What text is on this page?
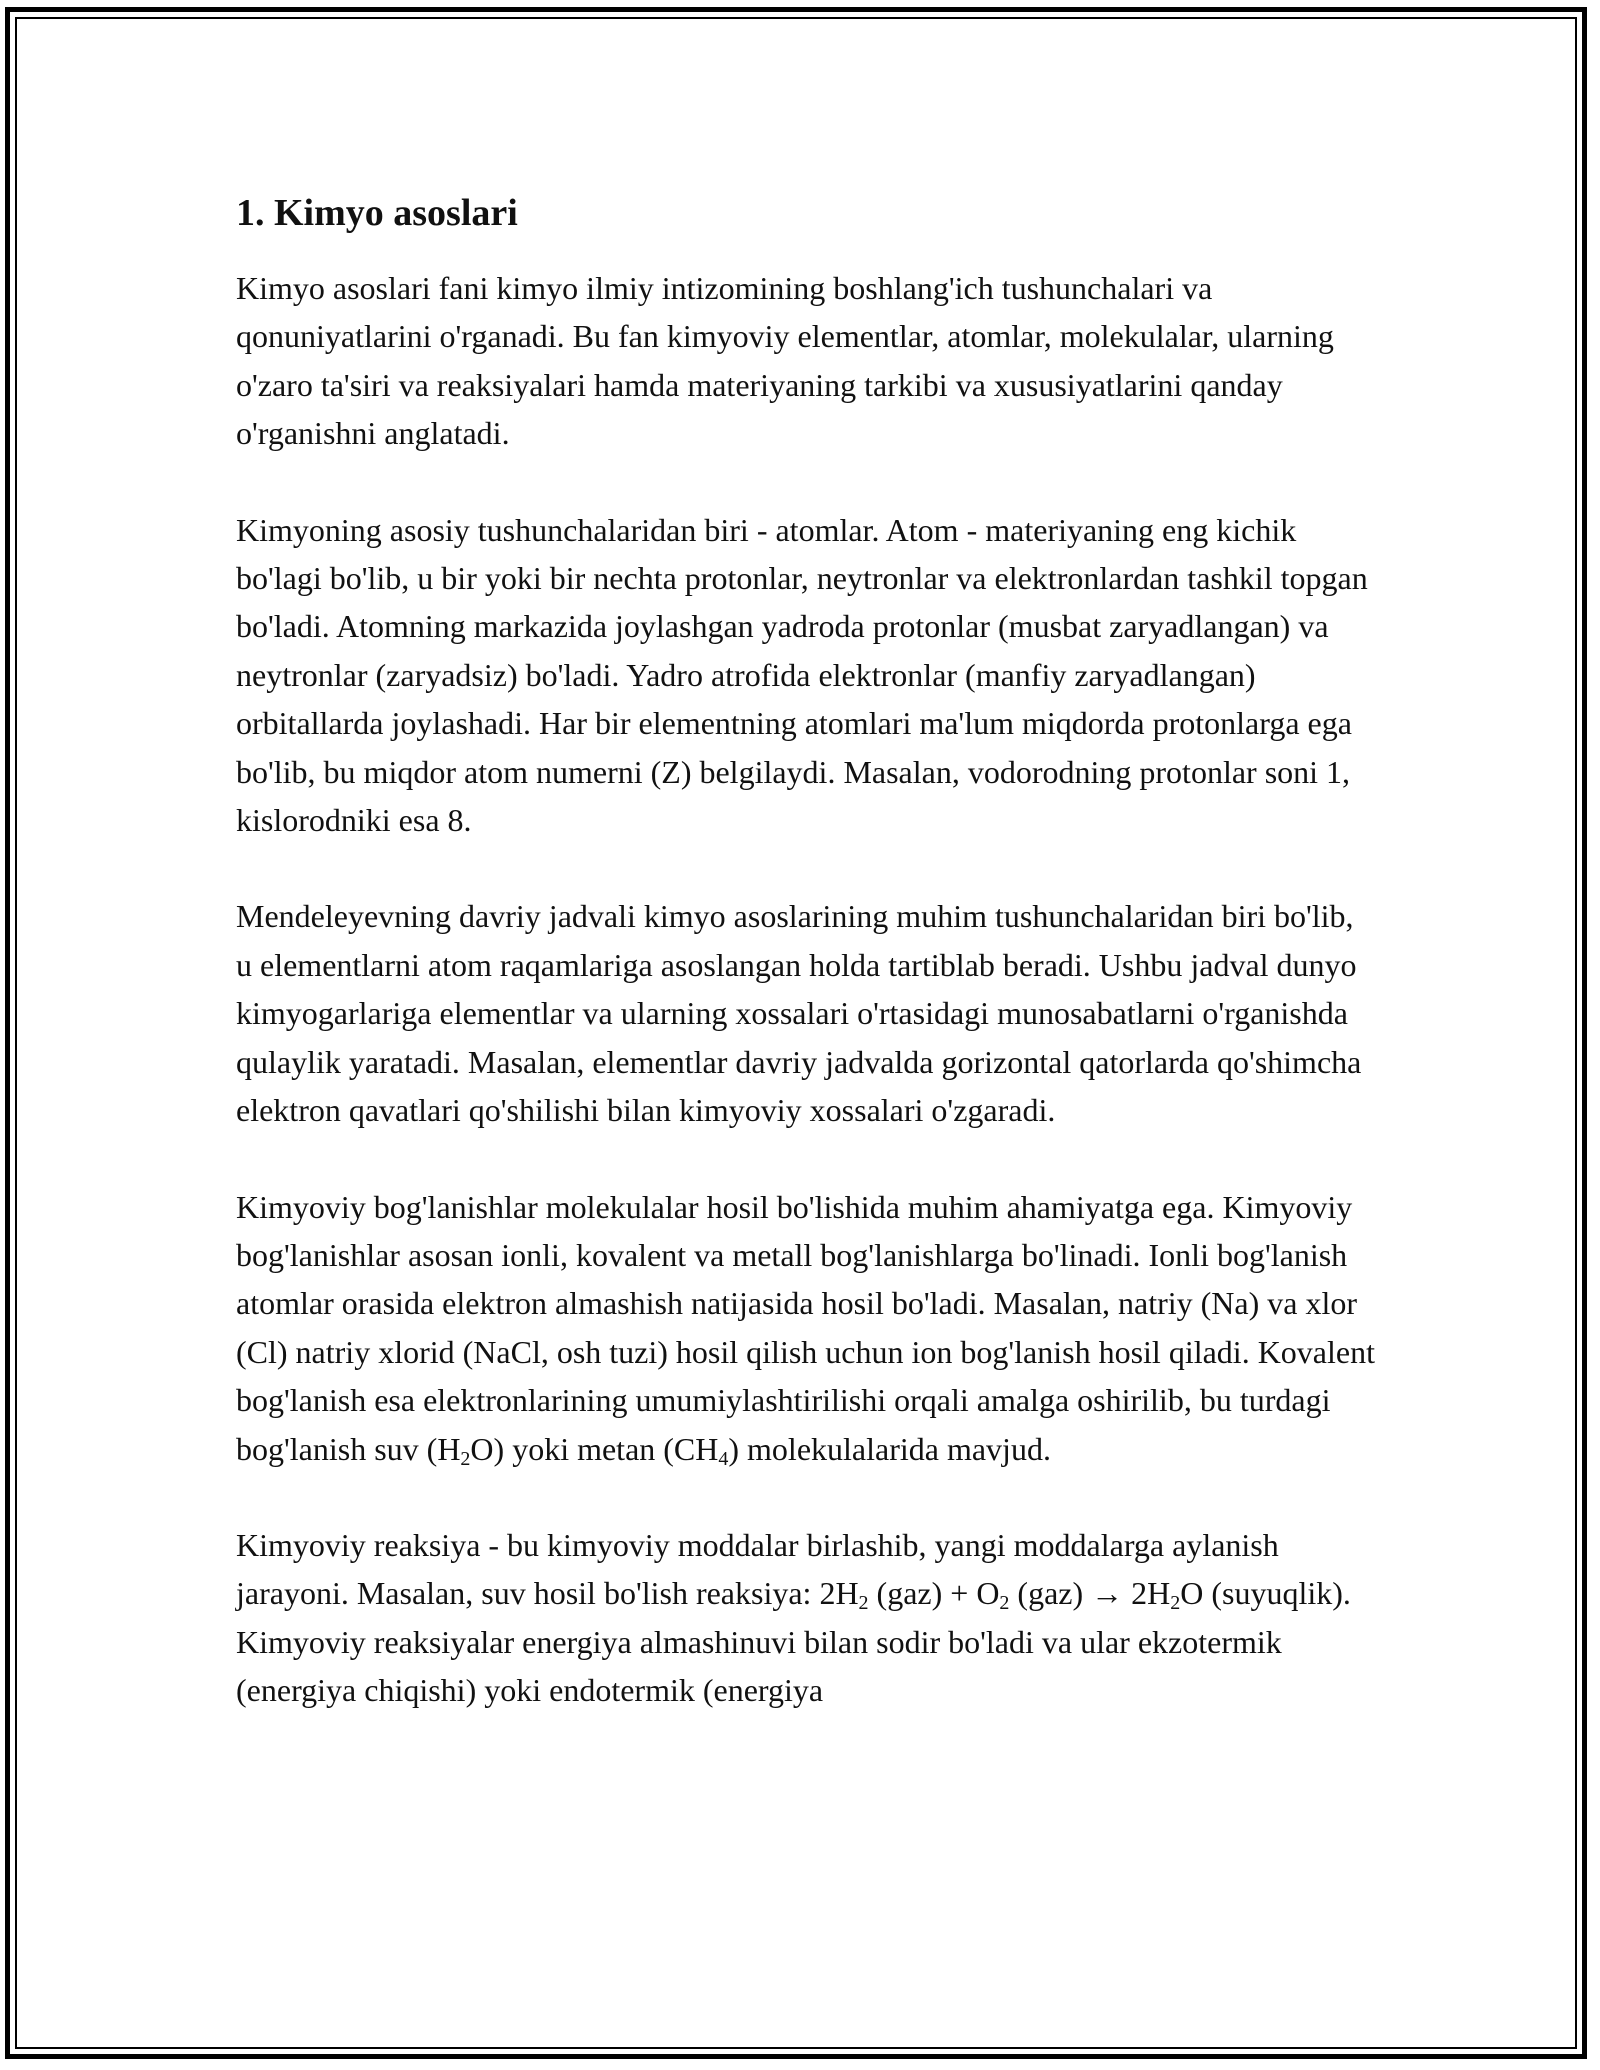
1. Kimyo asoslari

Kimyo asoslari fani kimyo ilmiy intizomining boshlang'ich tushunchalari va qonuniyatlarini o'rganadi. Bu fan kimyoviy elementlar, atomlar, molekulalar, ularning o'zaro ta'siri va reaksiyalari hamda materiyaning tarkibi va xususiyatlarini qanday o'rganishni anglatadi.

Kimyoning asosiy tushunchalaridan biri - atomlar. Atom - materiyaning eng kichik bo'lagi bo'lib, u bir yoki bir nechta protonlar, neytronlar va elektronlardan tashkil topgan bo'ladi. Atomning markazida joylashgan yadroda protonlar (musbat zaryadlangan) va neytronlar (zaryadsiz) bo'ladi. Yadro atrofida elektronlar (manfiy zaryadlangan) orbitallarda joylashadi. Har bir elementning atomlari ma'lum miqdorda protonlarga ega bo'lib, bu miqdor atom numerni (Z) belgilaydi. Masalan, vodorodning protonlar soni 1, kislorodniki esa 8.

Mendeleyevning davriy jadvali kimyo asoslarining muhim tushunchalaridan biri bo'lib, u elementlarni atom raqamlariga asoslangan holda tartiblab beradi. Ushbu jadval dunyo kimyogarlariga elementlar va ularning xossalari o'rtasidagi munosabatlarni o'rganishda qulaylik yaratadi. Masalan, elementlar davriy jadvalda gorizontal qatorlarda qo'shimcha elektron qavatlari qo'shilishi bilan kimyoviy xossalari o'zgaradi.

Kimyoviy bog'lanishlar molekulalar hosil bo'lishida muhim ahamiyatga ega. Kimyoviy bog'lanishlar asosan ionli, kovalent va metall bog'lanishlarga bo'linadi. Ionli bog'lanish atomlar orasida elektron almashish natijasida hosil bo'ladi. Masalan, natriy (Na) va xlor (Cl) natriy xlorid (NaCl, osh tuzi) hosil qilish uchun ion bog'lanish hosil qiladi. Kovalent bog'lanish esa elektronlarining umumiylashtirilishi orqali amalga oshirilib, bu turdagi bog'lanish suv $(H_2O)$ yoki metan $(CH_4)$ molekulalarida mavjud.

Kimyoviy reaksiya - bu kimyoviy moddalar birlashib, yangi moddalarga aylanish jarayoni. Masalan, suv hosil bo'lish reaksiya: $2H_2$ $(gaz) + O_2$ $(gaz) \to 2H_2O$ (suyuqlik). Kimyoviy reaksiyalar energiya almashinuvi bilan sodir bo'ladi va ular ekzotermik (energiya chiqishi) yoki endotermik (energiya
